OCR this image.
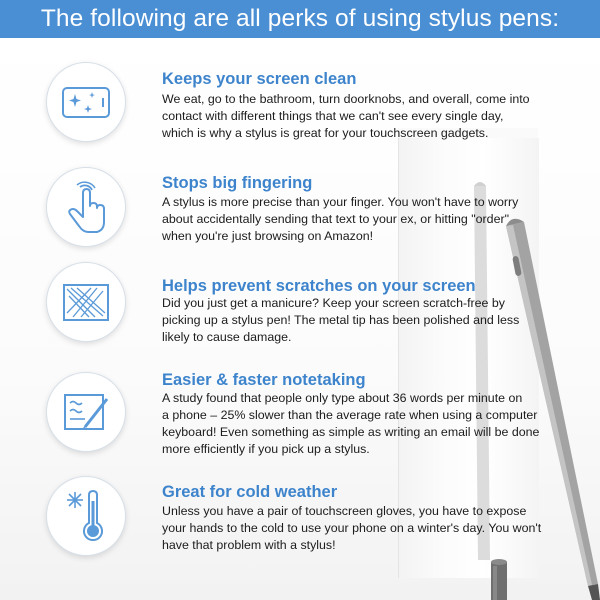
The following are all perks of using stylus pens:
Keeps your screen clean
We eat, go to the bathroom, turn doorknobs, and overall, come into
contact with different things that we can't see every single day,
which is why a stylus is great for your touchscreen gadgets.
Stops big fingering
A stylus is more precise than your finger. You won't have to worry
about accidentally sending that text to your ex, or hitting "order"
when you're just browsing on Amazon!
Helps prevent scratches on your screen
Did you just get a manicure? Keep your screen scratch-free by
picking up a stylus pen! The metal tip has been polished and less
likely to cause damage.
Easier & faster notetaking
A study found that people only type about 36 words per minute on
a phone – 25% slower than the average rate when using a computer
keyboard! Even something as simple as writing an email will be done
more efficiently if you pick up a stylus.
Great for cold weather
Unless you have a pair of touchscreen gloves, you have to expose
your hands to the cold to use your phone on a winter's day. You won't
have that problem with a stylus!
